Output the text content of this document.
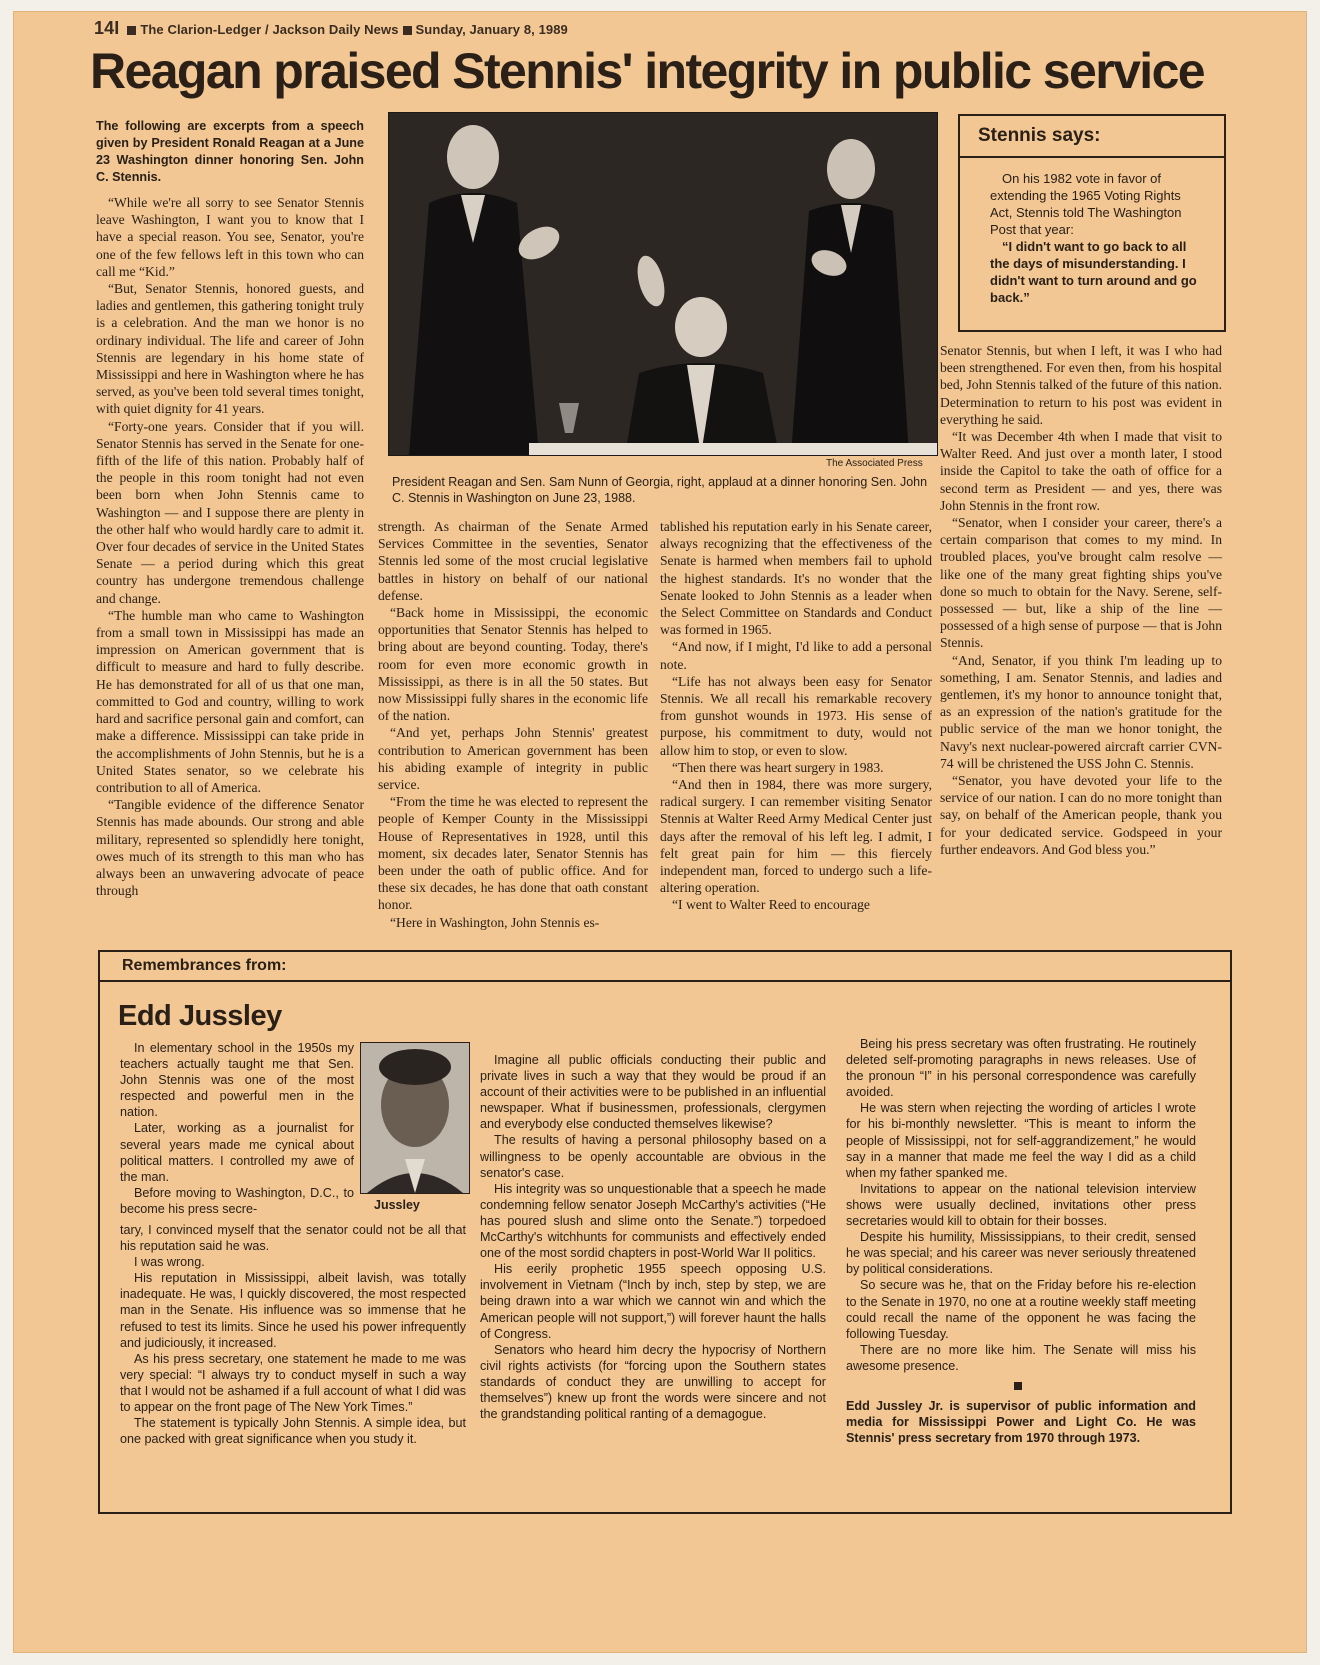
14I The Clarion-Ledger / Jackson Daily News Sunday, January 8, 1989
Reagan praised Stennis' integrity in public service

The following are excerpts from a speech given by President Ronald Reagan at a June 23 Washington dinner honoring Sen. John C. Stennis.

“While we're all sorry to see Senator Stennis leave Washington, I want you to know that I have a special reason. You see, Senator, you're one of the few fellows left in this town who can call me “Kid.”

“But, Senator Stennis, honored guests, and ladies and gentlemen, this gathering tonight truly is a celebration. And the man we honor is no ordinary individual. The life and career of John Stennis are legendary in his home state of Mississippi and here in Washington where he has served, as you've been told several times tonight, with quiet dignity for 41 years.

“Forty-one years. Consider that if you will. Senator Stennis has served in the Senate for one-fifth of the life of this nation. Probably half of the people in this room tonight had not even been born when John Stennis came to Washington — and I suppose there are plenty in the other half who would hardly care to admit it. Over four decades of service in the United States Senate — a period during which this great country has undergone tremendous challenge and change.

“The humble man who came to Washington from a small town in Mississippi has made an impression on American government that is difficult to measure and hard to fully describe. He has demonstrated for all of us that one man, committed to God and country, willing to work hard and sacrifice personal gain and comfort, can make a difference. Mississippi can take pride in the accomplishments of John Stennis, but he is a United States senator, so we celebrate his contribution to all of America.

“Tangible evidence of the difference Senator Stennis has made abounds. Our strong and able military, represented so splendidly here tonight, owes much of its strength to this man who has always been an unwavering advocate of peace through

The Associated Press
President Reagan and Sen. Sam Nunn of Georgia, right, applaud at a dinner honoring Sen. John C. Stennis in Washington on June 23, 1988.

strength. As chairman of the Senate Armed Services Committee in the seventies, Senator Stennis led some of the most crucial legislative battles in history on behalf of our national defense.

“Back home in Mississippi, the economic opportunities that Senator Stennis has helped to bring about are beyond counting. Today, there's room for even more economic growth in Mississippi, as there is in all the 50 states. But now Mississippi fully shares in the economic life of the nation.

“And yet, perhaps John Stennis' greatest contribution to American government has been his abiding example of integrity in public service.

“From the time he was elected to represent the people of Kemper County in the Mississippi House of Representatives in 1928, until this moment, six decades later, Senator Stennis has been under the oath of public office. And for these six decades, he has done that oath constant honor.

“Here in Washington, John Stennis es-

tablished his reputation early in his Senate career, always recognizing that the effectiveness of the Senate is harmed when members fail to uphold the highest standards. It's no wonder that the Senate looked to John Stennis as a leader when the Select Committee on Standards and Conduct was formed in 1965.

“And now, if I might, I'd like to add a personal note.

“Life has not always been easy for Senator Stennis. We all recall his remarkable recovery from gunshot wounds in 1973. His sense of purpose, his commitment to duty, would not allow him to stop, or even to slow.

“Then there was heart surgery in 1983.

“And then in 1984, there was more surgery, radical surgery. I can remember visiting Senator Stennis at Walter Reed Army Medical Center just days after the removal of his left leg. I admit, I felt great pain for him — this fiercely independent man, forced to undergo such a life-altering operation.

“I went to Walter Reed to encourage

Stennis says:

On his 1982 vote in favor of extending the 1965 Voting Rights Act, Stennis told The Washington Post that year:

“I didn't want to go back to all the days of misunderstanding. I didn't want to turn around and go back.”

Senator Stennis, but when I left, it was I who had been strengthened. For even then, from his hospital bed, John Stennis talked of the future of this nation. Determination to return to his post was evident in everything he said.

“It was December 4th when I made that visit to Walter Reed. And just over a month later, I stood inside the Capitol to take the oath of office for a second term as President — and yes, there was John Stennis in the front row.

“Senator, when I consider your career, there's a certain comparison that comes to my mind. In troubled places, you've brought calm resolve — like one of the many great fighting ships you've done so much to obtain for the Navy. Serene, self-possessed — but, like a ship of the line — possessed of a high sense of purpose — that is John Stennis.

“And, Senator, if you think I'm leading up to something, I am. Senator Stennis, and ladies and gentlemen, it's my honor to announce tonight that, as an expression of the nation's gratitude for the public service of the man we honor tonight, the Navy's next nuclear-powered aircraft carrier CVN-74 will be christened the USS John C. Stennis.

“Senator, you have devoted your life to the service of our nation. I can do no more tonight than say, on behalf of the American people, thank you for your dedicated service. Godspeed in your further endeavors. And God bless you.”

Remembrances from:
Edd Jussley
Jussley

In elementary school in the 1950s my teachers actually taught me that Sen. John Stennis was one of the most respected and powerful men in the nation.

Later, working as a journalist for several years made me cynical about political matters. I controlled my awe of the man.

Before moving to Washington, D.C., to become his press secre-

tary, I convinced myself that the senator could not be all that his reputation said he was.

I was wrong.

His reputation in Mississippi, albeit lavish, was totally inadequate. He was, I quickly discovered, the most respected man in the Senate. His influence was so immense that he refused to test its limits. Since he used his power infrequently and judiciously, it increased.

As his press secretary, one statement he made to me was very special: “I always try to conduct myself in such a way that I would not be ashamed if a full account of what I did was to appear on the front page of The New York Times.”

The statement is typically John Stennis. A simple idea, but one packed with great significance when you study it.

Imagine all public officials conducting their public and private lives in such a way that they would be proud if an account of their activities were to be published in an influential newspaper. What if businessmen, professionals, clergymen and everybody else conducted themselves likewise?

The results of having a personal philosophy based on a willingness to be openly accountable are obvious in the senator's case.

His integrity was so unquestionable that a speech he made condemning fellow senator Joseph McCarthy's activities (“He has poured slush and slime onto the Senate.”) torpedoed McCarthy's witchhunts for communists and effectively ended one of the most sordid chapters in post-World War II politics.

His eerily prophetic 1955 speech opposing U.S. involvement in Vietnam (“Inch by inch, step by step, we are being drawn into a war which we cannot win and which the American people will not support,”) will forever haunt the halls of Congress.

Senators who heard him decry the hypocrisy of Northern civil rights activists (for “forcing upon the Southern states standards of conduct they are unwilling to accept for themselves”) knew up front the words were sincere and not the grandstanding political ranting of a demagogue.

Being his press secretary was often frustrating. He routinely deleted self-promoting paragraphs in news releases. Use of the pronoun “I” in his personal correspondence was carefully avoided.

He was stern when rejecting the wording of articles I wrote for his bi-monthly newsletter. “This is meant to inform the people of Mississippi, not for self-aggrandizement,” he would say in a manner that made me feel the way I did as a child when my father spanked me.

Invitations to appear on the national television interview shows were usually declined, invitations other press secretaries would kill to obtain for their bosses.

Despite his humility, Mississippians, to their credit, sensed he was special; and his career was never seriously threatened by political considerations.

So secure was he, that on the Friday before his re-election to the Senate in 1970, no one at a routine weekly staff meeting could recall the name of the opponent he was facing the following Tuesday.

There are no more like him. The Senate will miss his awesome presence.

Edd Jussley Jr. is supervisor of public information and media for Mississippi Power and Light Co. He was Stennis' press secretary from 1970 through 1973.
